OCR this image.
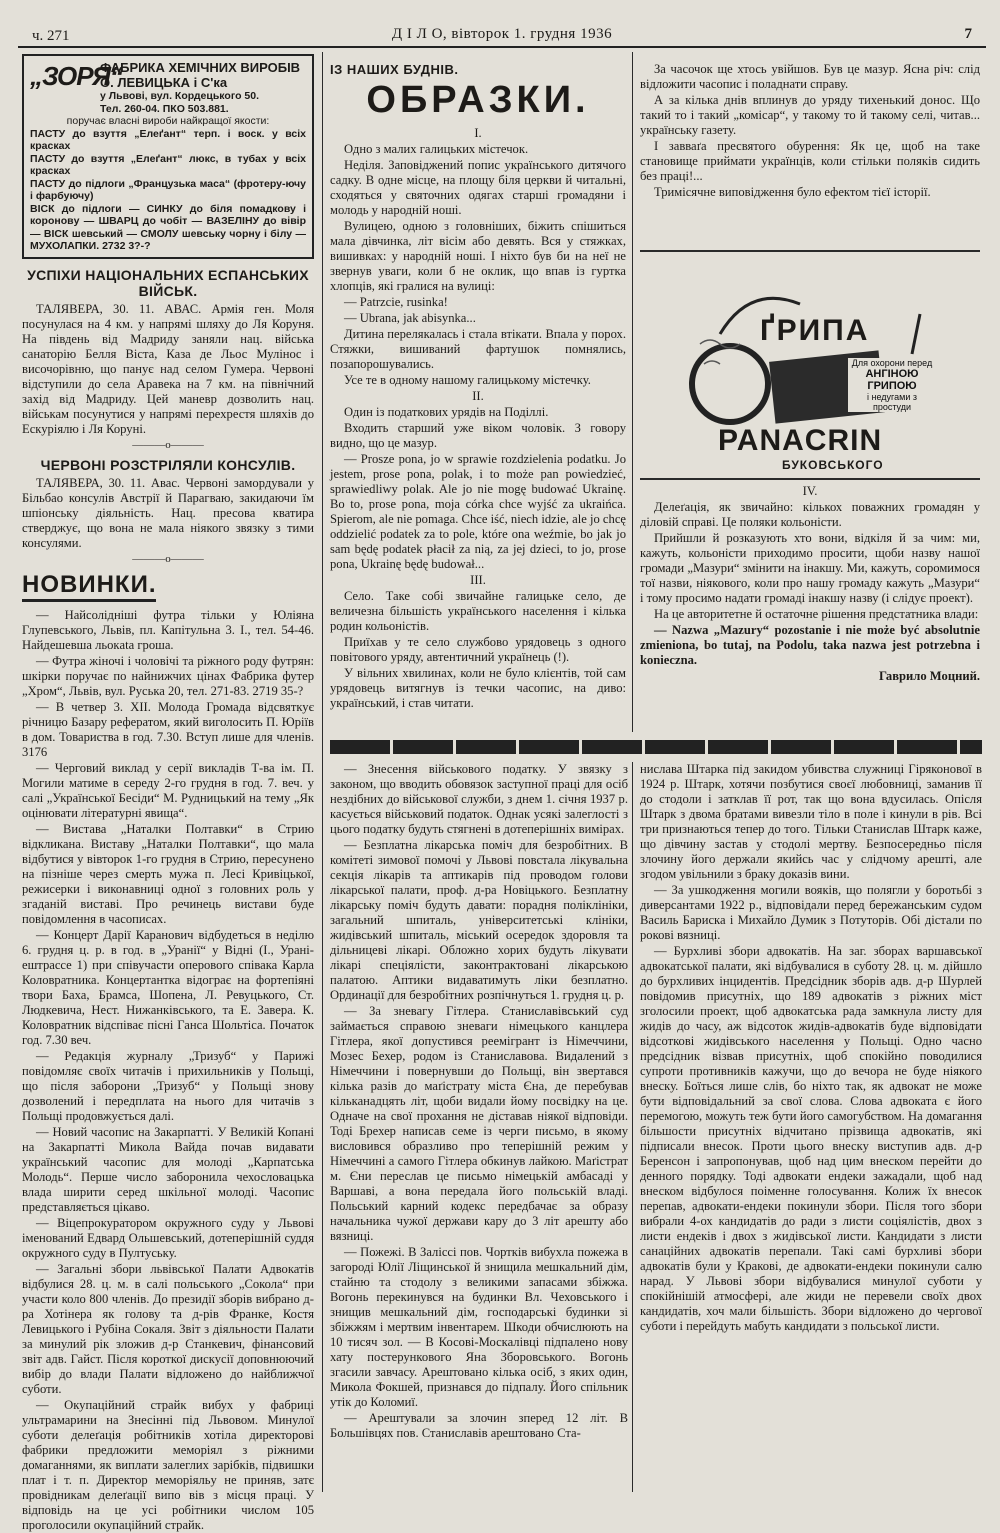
ч. 271	Д І Л О, вівторок 1. грудня 1936	7
„ЗОРЯ“
ФАБРИКА ХЕМІЧНИХ ВИРОБІВ
О. ЛЕВИЦЬКА і С'ка
у Львові, вул. Кордецького 50.
Тел. 260-04. ПКО 503.881.
поручає власні вироби найкращої якости:
ПАСТУ до взуття „Елеґант“ терп. і воск. у всіх красках
ПАСТУ до взуття „Елеґант“ люкс, в тубах у всіх красках
ПАСТУ до підлоги „Французька маса“ (фротеру-ючу і фарбуючу)
ВІСК до підлоги — СИНКУ до біля помадкову і короновy — ШВАРЦ до чобіт — ВАЗЕЛІНУ до вівір — ВІСК шевський — СМОЛУ шевську чорну і білу — МУХОЛАПКИ. 2732 3?-?
УСПІХИ НАЦІОНАЛЬНИХ ЕСПАНСЬКИХ ВІЙСЬК.

ТАЛЯВЕРА, 30. 11. АВАС. Армія ген. Моля посунулася на 4 км. у напрямі шляху до Ля Коруня. На південь від Мадриду заняли нац. війська санаторію Белля Віста, Каза де Льос Муліноc і височорівню, що панує над селом Гумера. Червоні відступили до села Аравека на 7 км. на північний захід від Мадриду. Цей маневр дозволить нац. військам посунутися у напрямі перехрестя шляхів до Ескуріялю і Ля Коруні.

———о———
ЧЕРВОНІ РОЗСТРІЛЯЛИ КОНСУЛІВ.

ТАЛЯВЕРА, 30. 11. Авас. Червоні замордували у Більбао консулів Австрії й Парагваю, закидаючи їм шпіонську діяльність. Нац. пресова кватира стверджує, що вона не мала ніякого звязку з тими консулями.

———о———
НОВИНКИ.

— Найсолідніші футра тільки у Юліяна Глупевського, Львів, пл. Капітульна 3. І., тел. 54-46. Найдешевша льокata гроша.

— Футра жіночі і чоловічі та ріжного роду футрян: шкірки поручає по найнижчих цінах Фабрика футер „Хром“, Львів, вул. Руська 20, тел. 271-83. 2719 35-?

— В четвер 3. XII. Молода Громада відсвяткує річницю Базару рефератом, який виголосить П. Юріїв в дом. Товариства в год. 7.30. Вступ лише для членів. 3176

— Черговий виклад у серії викладів Т-ва ім. П. Могили матиме в середу 2-го грудня в год. 7. веч. у салі „Української Бесіди“ М. Рудницький на тему „Як оцінювати літературні явища“.

— Вистава „Наталки Полтавки“ в Стрию відкликана. Виставу „Наталки Полтавки“, що мала відбутися у вівторок 1-го грудня в Стрию, пересунено на пізніше через смерть мужа п. Лесі Кривіцької, режисерки і виконавниці одної з головних роль у згаданій виставі. Про речинець вистави буде повідомлення в часописах.

— Концерт Дарії Каранович відбудеться в неділю 6. грудня ц. р. в год. в „Уранії“ у Відні (І., Ураніештрассе 1) при співучасти оперового співака Карла Коловратника. Концертантка відограє на фортепіяні твори Баха, Брамса, Шопена, Л. Ревуцького, Ст. Людкевича, Нест. Нижанківського, та Е. Завера. К. Коловратник відспіває пісні Ганса Шольтіса. Початок год. 7.30 веч.

— Редакція журналу „Тризуб“ у Парижі повідомляє своїх читачів і прихильників у Польщі, що після заборони „Тризуб“ у Польщі знову дозволений і передплата на нього для читачів з Польщі продовжується далі.

— Новий часопис на Закарпатті. У Великій Копані на Закарпатті Микола Вайда почав видавати український часопис для молоді „Карпатська Молодь“. Перше число заборонила чехословацька влада ширити серед шкільної молоді. Часопис представляється цікаво.

— Віцепрокуратором окружного суду у Львові іменований Едвард Ольшевський, дотеперішній суддя окружного суду в Пултуську.

— Загальні збори львівської Палати Адвокатів відбулися 28. ц. м. в салі польського „Сокола“ при участи коло 800 членів. До президії зборів вибрано д-ра Хотінера як голову та д-рів Франке, Костя Левицького і Рубіна Сокаля. Звіт з діяльности Палати за минулий рік зложив д-р Станкевич, фінансовий звіт адв. Гайст. Після короткої дискусії доповнюючий вибір до влади Палати відложено до найближчої суботи.

— Окупаційний страйк вибух у фабриці ультрамарини на Знесінні під Львовом. Минулої суботи делеґація робітників хотіла директорові фабрики предложити меморіял з ріжними домаганнями, як виплати залеглих зарібків, підвишки плат і т. п. Директор меморіяльу не приняв, затє провідникам делеґації випо вів з місця праці. У відповідь на це усі робітники числом 105 проголосили окупаційний страйк.

ІЗ НАШИХ БУДНІВ.

ОБРАЗКИ.

І.

Одно з малих галицьких містечок.

Неділя. Заповіджений попис українського дитячого садку. В одне місце, на площу біля церкви й читальні, сходяться у святочних одягах старші громадяни і молодь у народній ноші.

Вулицею, одною з головніших, біжить спішиться мала дівчинка, літ вісім або девять. Вся у стяжках, вишивках: у народній ноші. І ніхто був би на неї не звернув уваги, коли б не оклик, що впав із гуртка хлопців, які гралися на вулиці:

— Patrzcie, rusinka!

— Ubrana, jak abisynka...

Дитина перелякалась і стала втікати. Впала у порох. Стяжки, вишиваний фартушок помнялись, позапорошувались.

Усе те в одному нашому галицькому містечку.

II.

Один із податкових урядів на Поділлі.

Входить старший уже віком чоловік. З говору видно, що це мазур.

— Prosze pona, jo w sprawie rozdzielenia podatku. Jo jestem, prose pona, polak, i to może pan powiedzieć, sprawiedliwy polak. Ale jo nie mogę budować Ukrainę. Bo to, prose pona, moja córka chce wyjść za ukraińca. Spierom, ale nie pomaga. Chce iść, niech idzie, ale jo chcę oddzielić podatek za to pole, które ona weźmie, bo jak jo sam będę podatek płacił za nią, za jej dzieci, to jo, prose pona, Ukrainę będę budował...

III.

Село. Таке собі звичайне галицьке село, де величезна більшість українського населення і кілька родин кольоністів.

Приїхав у те село службово урядовець з одного повітового уряду, автентичний українець (!).

У вільних хвилинах, коли не було клієнтів, той сам урядовець витягнув із течки часопис, на диво: український, і став читати.

За часочок ще хтось увійшов. Був це мазур. Ясна річ: слід відложити часопис і поладнати справу.

А за кілька днів вплинув до уряду тихенький донос. Що такий то і такий „комісар“, у такому то й такому селі, читав... українську газету.

І завваґа пресвятого обурення: Як це, щоб на таке становище приймати українців, коли стільки поляків сидить без праці!...

Тримісячне виповідження було ефектом тієї історії.

ҐРИПА
Для охорони перед
АНГІНОЮ
ГРИПОЮ
і недугами з простуди
PANACRIN
БУКОВСЬКОГО

IV.

Делеґація, як звичайно: кількох поважних громадян у діловій справі. Це поляки кольоністи.

Прийшли й розказують хто вони, відкіля й за чим: ми, кажуть, кольоністи приходимо просити, щоби назву нашої громади „Мазури“ змінити на інакшу. Ми, кажуть, соромимося тої назви, ніякового, коли про нашу громаду кажуть „Мазури“ і тому просимо надати громаді інакшу назву (і слідує проект).

На це авторитетне й остаточне рішення предстатника влади:

— Nazwa „Mazury“ pozostanie i nie może być absolutnie zmieniona, bo tutaj, na Podolu, taka nazwa jest potrzebna i konieczna.

Гаврило Моцний.

— Знесення військового податку. У звязку з законом, що вводить обовязок заступної праці для осіб нездібних до військової служби, з днем 1. січня 1937 р. касується військовий податок. Однак усякі залеглості з цього податку будуть стягнені в дотеперішніх вимірах.

— Безплатна лікарська поміч для безробітних. В комітеті зимової помочі у Львові повстала лікувальна секція лікарів та аптикарів під проводом голови лікарської палати, проф. д-ра Новіцького. Безплатну лікарську поміч будуть давати: порадня поліклініки, загальний шпиталь, університетські клініки, жидівський шпиталь, міський осередок здоровля та дільницеві лікарі. Обложно хорих будуть лікувати лікарі спеціялісти, законтрактовані лікарською палатою. Аптики видаватимуть ліки безплатно. Ординації для безробітних розпічнуться 1. грудня ц. р.

— За зневагу Гітлера. Станиславівський суд займається справою зневаги німецького канцлера Гітлера, якої допустився реемігрант із Німеччини, Мозес Бехер, родом із Станиславова. Видалений з Німеччини і повернувши до Польщі, він звертався кілька разів до маґістрату міста Єна, де перебував кільканадцять літ, щоби видали йому посвідку на це. Одначе на свої прохання не діставав ніякої відповіди. Тоді Брехер написав семе із черги письмо, в якому висловився образливо про теперішній режим у Німеччині а самого Гітлера обкинув лайкою. Маґістрат м. Єни переслав це письмо німецькій амбасаді у Варшаві, а вона передала його польській владі. Польський карний кодекс передбачає за образу начальника чужої держави кару до 3 літ арешту або вязниці.

— Пожежі. В Заліссі пов. Чортків вибухла пожежа в загороді Юлії Ліщинської й знищила мешкальний дім, стайню та стодолу з великими запасами збіжжа. Вогонь перекинувся на будинки Вл. Чеховського і знищив мешкальний дім, господарські будинки зі збіжжям і мертвим інвентарем. Шкоди обчислюють на 10 тисяч зол. — В Косові-Москалівці підпалено нову хату постерункового Яна Зборовського. Вогонь згасили завчасу. Арештовано кілька осіб, з яких один, Микола Фокшей, признався до підпалу. Його спільник утік до Коломиї.

— Арештували за злочин зперед 12 літ. В Большівцях пов. Станиславів арештовано Ста-

нислава Штарка під закидом убивства служниці Гіряконової в 1924 р. Штарк, хотячи позбутися своєї любовниці, заманив її до стодоли і затклав її рот, так що вона вдусилась. Опісля Штарк з двома братами вивезли тіло в поле і кинули в рів. Всі три признаються тепер до того. Тільки Станислав Штарк каже, що дівчину застав у стодолі мертву. Безпосередньо після злочину його держали якийсь час у слідчому арешті, але згодом увільнили з браку доказів вини.

— За ушкодження могили вояків, що полягли у боротьбі з диверсантами 1922 р., відповідали перед бережанським судом Василь Бариска і Михайло Думик з Потуторів. Обі дістали по рокові вязниці.

— Бурхливі збори адвокатів. На заг. зборах варшавської адвокатської палати, які відбувалися в суботу 28. ц. м. дійшло до бурхливих інцидентів. Предсідник зборів адв. д-р Шурлей повідомив присутніх, що 189 адвокатів з ріжних міст зголосили проект, щоб адвокатська рада замкнула листу для жидів до часу, аж відсоток жидів-адвокатів буде відповідати відсоткові жидівського населення у Польщі. Одно часно предсідник візвав присутніх, щоб спокійно поводилися супроти противників кажучи, що до вечора не буде ніякого внеску. Боїться лише слів, бо ніхто так, як адвокат не може бути відповідальний за свої слова. Слова адвоката є його перемогою, можуть теж бути його самогубством. На домагання більшости присутніх відчитано прізвища адвокатів, які підписали внесок. Проти цього внеску виступив адв. д-р Беренсон і запропонував, щоб над цим внеском перейти до денного порядку. Тоді адвокати ендеки зажадали, щоб над внеском відбулося поіменне голосування. Колиж їх внесок перепав, адвокати-ендеки покинули збори. Після того збори вибрали 4-ох кандидатів до ради з листи соціялістів, двох з листи ендеків і двох з жидівської листи. Кандидати з листи санаційних адвокатів перепали. Такі самі бурхливі збори адвокатів були у Кракові, де адвокати-ендеки покинули салю нарад. У Львові збори відбувалися минулої суботи у спокійнішій атмосфері, але жиди не перевели своїх двох кандидатів, хоч мали більшість. Збори відложено до чергової суботи і перейдуть мабуть кандидати з польської листи.
